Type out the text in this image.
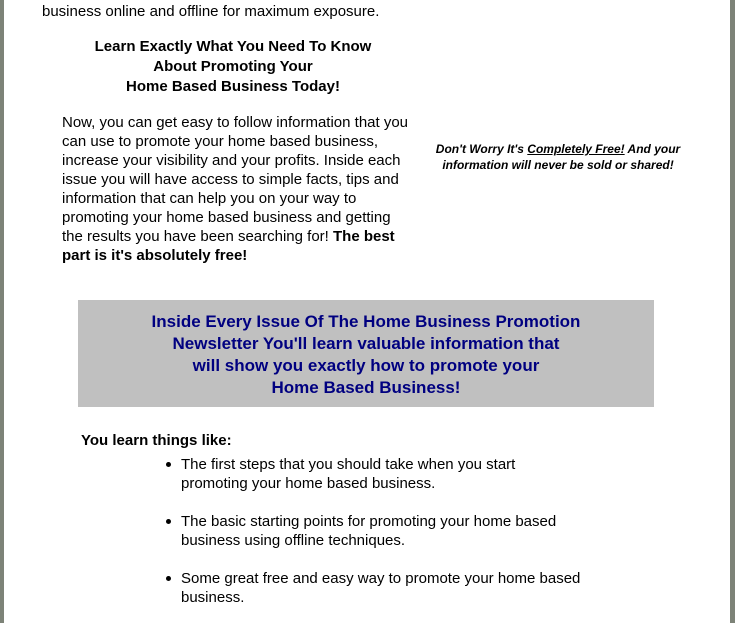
business online and offline for maximum exposure.
Learn Exactly What You Need To Know
About Promoting Your
Home Based Business Today!
Now, you can get easy to follow information that you can use to promote your home based business, increase your visibility and your profits. Inside each issue you will have access to simple facts, tips and information that can help you on your way to promoting your home based business and getting the results you have been searching for! The best part is it's absolutely free!
Don't Worry It's Completely Free! And your information will never be sold or shared!
Inside Every Issue Of The Home Business Promotion
Newsletter You'll learn valuable information that
will show you exactly how to promote your
Home Based Business!
You learn things like:
The first steps that you should take when you start promoting your home based business.
The basic starting points for promoting your home based business using offline techniques.
Some great free and easy way to promote your home based business.
